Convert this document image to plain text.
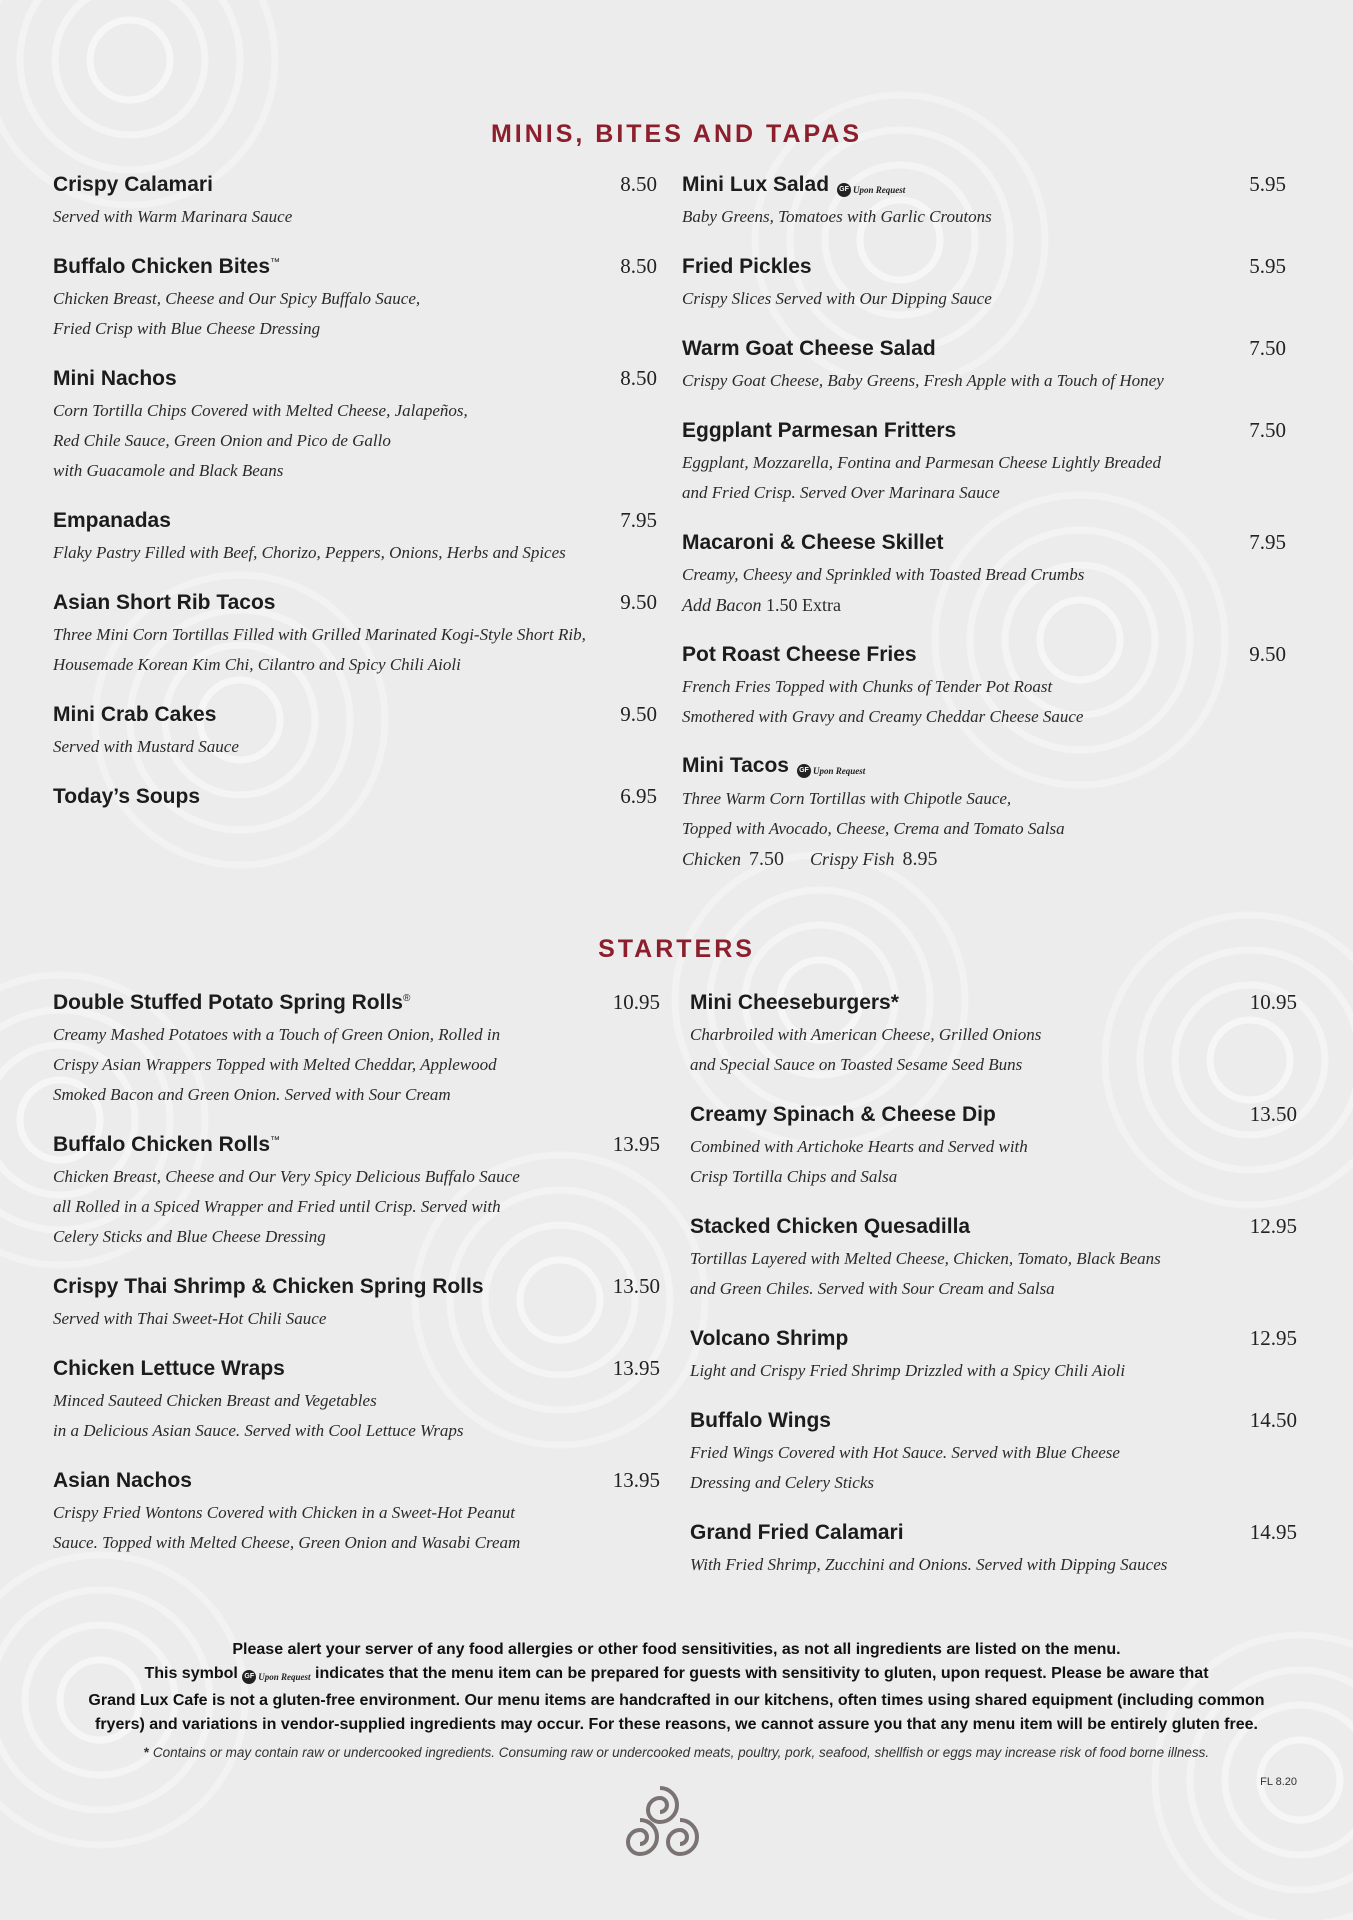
MINIS, BITES AND TAPAS
Crispy Calamari	8.50
Served with Warm Marinara Sauce
Buffalo Chicken Bites™	8.50
Chicken Breast, Cheese and Our Spicy Buffalo Sauce,
Fried Crisp with Blue Cheese Dressing
Mini Nachos	8.50
Corn Tortilla Chips Covered with Melted Cheese, Jalapeños,
Red Chile Sauce, Green Onion and Pico de Gallo
with Guacamole and Black Beans
Empanadas	7.95
Flaky Pastry Filled with Beef, Chorizo, Peppers, Onions, Herbs and Spices
Asian Short Rib Tacos	9.50
Three Mini Corn Tortillas Filled with Grilled Marinated Kogi-Style Short Rib,
Housemade Korean Kim Chi, Cilantro and Spicy Chili Aioli
Mini Crab Cakes	9.50
Served with Mustard Sauce
Today’s Soups	6.95
Mini Lux Salad	GF Upon Request	5.95
Baby Greens, Tomatoes with Garlic Croutons
Fried Pickles	5.95
Crispy Slices Served with Our Dipping Sauce
Warm Goat Cheese Salad	7.50
Crispy Goat Cheese, Baby Greens, Fresh Apple with a Touch of Honey
Eggplant Parmesan Fritters	7.50
Eggplant, Mozzarella, Fontina and Parmesan Cheese Lightly Breaded
and Fried Crisp. Served Over Marinara Sauce
Macaroni & Cheese Skillet	7.95
Creamy, Cheesy and Sprinkled with Toasted Bread Crumbs
Add Bacon 1.50 Extra
Pot Roast Cheese Fries	9.50
French Fries Topped with Chunks of Tender Pot Roast
Smothered with Gravy and Creamy Cheddar Cheese Sauce
Mini Tacos	GF Upon Request
Three Warm Corn Tortillas with Chipotle Sauce,
Topped with Avocado, Cheese, Crema and Tomato Salsa
Chicken 7.50 Crispy Fish 8.95
STARTERS
Double Stuffed Potato Spring Rolls®	10.95
Creamy Mashed Potatoes with a Touch of Green Onion, Rolled in
Crispy Asian Wrappers Topped with Melted Cheddar, Applewood
Smoked Bacon and Green Onion. Served with Sour Cream
Buffalo Chicken Rolls™	13.95
Chicken Breast, Cheese and Our Very Spicy Delicious Buffalo Sauce
all Rolled in a Spiced Wrapper and Fried until Crisp. Served with
Celery Sticks and Blue Cheese Dressing
Crispy Thai Shrimp & Chicken Spring Rolls	13.50
Served with Thai Sweet-Hot Chili Sauce
Chicken Lettuce Wraps	13.95
Minced Sauteed Chicken Breast and Vegetables
in a Delicious Asian Sauce. Served with Cool Lettuce Wraps
Asian Nachos	13.95
Crispy Fried Wontons Covered with Chicken in a Sweet-Hot Peanut
Sauce. Topped with Melted Cheese, Green Onion and Wasabi Cream
Mini Cheeseburgers*	10.95
Charbroiled with American Cheese, Grilled Onions
and Special Sauce on Toasted Sesame Seed Buns
Creamy Spinach & Cheese Dip	13.50
Combined with Artichoke Hearts and Served with
Crisp Tortilla Chips and Salsa
Stacked Chicken Quesadilla	12.95
Tortillas Layered with Melted Cheese, Chicken, Tomato, Black Beans
and Green Chiles. Served with Sour Cream and Salsa
Volcano Shrimp	12.95
Light and Crispy Fried Shrimp Drizzled with a Spicy Chili Aioli
Buffalo Wings	14.50
Fried Wings Covered with Hot Sauce. Served with Blue Cheese
Dressing and Celery Sticks
Grand Fried Calamari	14.95
With Fried Shrimp, Zucchini and Onions. Served with Dipping Sauces
Please alert your server of any food allergies or other food sensitivities, as not all ingredients are listed on the menu.
This symbol GF Upon Request indicates that the menu item can be prepared for guests with sensitivity to gluten, upon request. Please be aware that
Grand Lux Cafe is not a gluten-free environment. Our menu items are handcrafted in our kitchens, often times using shared equipment (including common
fryers) and variations in vendor-supplied ingredients may occur. For these reasons, we cannot assure you that any menu item will be entirely gluten free.
* Contains or may contain raw or undercooked ingredients. Consuming raw or undercooked meats, poultry, pork, seafood, shellfish or eggs may increase risk of food borne illness.
FL 8.20
